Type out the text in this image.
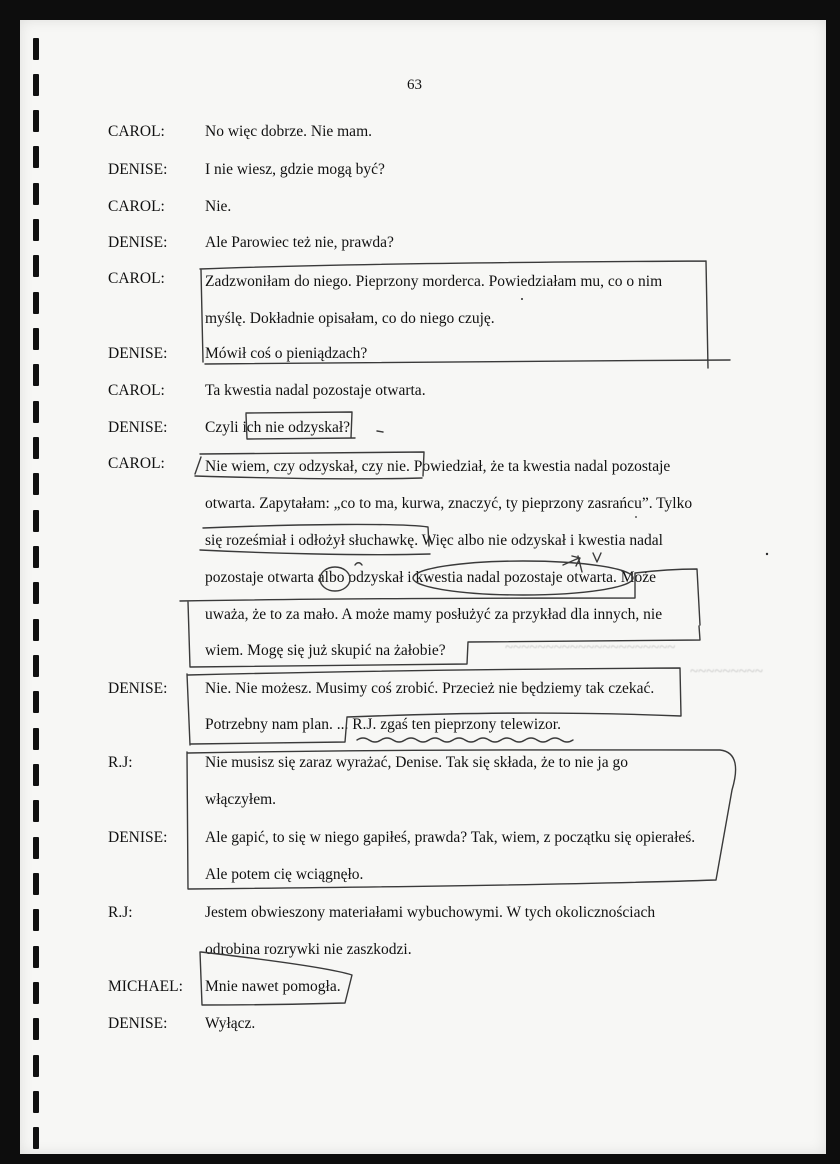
~~~~~~~~~~~~~~~~~~~~~
~~~~~~~~~
63
CAROL:	No więc dobrze. Nie mam.
DENISE: I nie wiesz, gdzie mogą być?
CAROL:	Nie.
DENISE: Ale Parowiec też nie, prawda?
CAROL:	Zadzwoniłam do niego. Pieprzony morderca. Powiedziałam mu, co o nim
myślę. Dokładnie opisałam, co do niego czuję.
DENISE: Mówił coś o pieniądzach?
CAROL:	Ta kwestia nadal pozostaje otwarta.
DENISE: Czyli ich nie odzyskał?
CAROL:	Nie wiem, czy odzyskał, czy nie. Powiedział, że ta kwestia nadal pozostaje
otwarta. Zapytałam: „co to ma, kurwa, znaczyć, ty pieprzony zasrańcu”. Tylko
się roześmiał i odłożył słuchawkę. Więc albo nie odzyskał i kwestia nadal
pozostaje otwarta albo odzyskał i kwestia nadal pozostaje otwarta. Może
uważa, że to za mało. A może mamy posłużyć za przykład dla innych, nie
wiem. Mogę się już skupić na żałobie?
DENISE: Nie. Nie możesz. Musimy coś zrobić. Przecież nie będziemy tak czekać.
Potrzebny nam plan. ... R.J. zgaś ten pieprzony telewizor.
R.J:	Nie musisz się zaraz wyrażać, Denise. Tak się składa, że to nie ja go
włączyłem.
DENISE: Ale gapić, to się w niego gapiłeś, prawda? Tak, wiem, z początku się opierałeś.
Ale potem cię wciągnęło.
R.J:	Jestem obwieszony materiałami wybuchowymi. W tych okolicznościach
odrobina rozrywki nie zaszkodzi.
MICHAEL: Mnie nawet pomogła.
DENISE: Wyłącz.
